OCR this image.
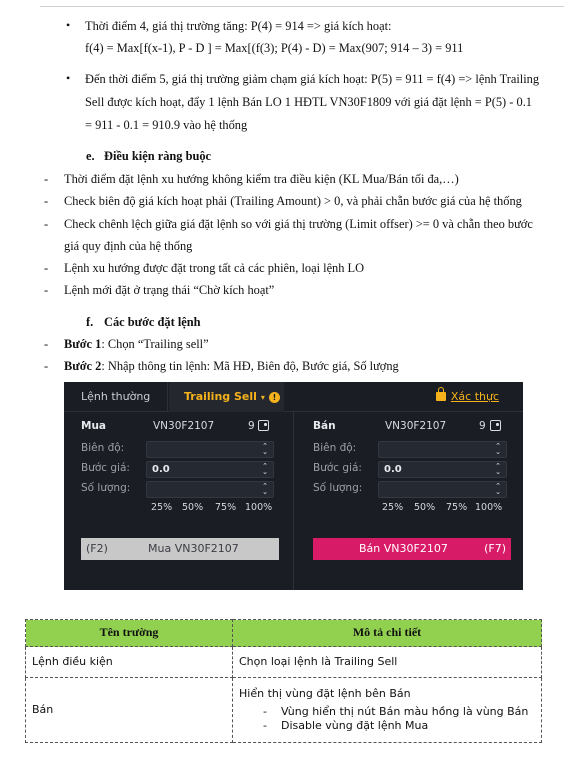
• Thời điểm 4, giá thị trường tăng: P(4) = 914 => giá kích hoạt:
f(4) = Max[f(x-1), P - D ] = Max[(f(3); P(4) - D) = Max(907; 914 – 3) = 911
• Đến thời điểm 5, giá thị trường giảm chạm giá kích hoạt: P(5) = 911 = f(4) => lệnh Trailing
Sell được kích hoạt, đẩy 1 lệnh Bán LO 1 HĐTL VN30F1809 với giá đặt lệnh = P(5) - 0.1
= 911 - 0.1 = 910.9 vào hệ thống
e. Điều kiện ràng buộc
- Thời điểm đặt lệnh xu hướng không kiểm tra điều kiện (KL Mua/Bán tối đa,…)
- Check biên độ giá kích hoạt phải (Trailing Amount) > 0, và phải chẵn bước giá của hệ thống
- Check chênh lệch giữa giá đặt lệnh so với giá thị trường (Limit offser) >= 0 và chẵn theo bước
giá quy định của hệ thống
- Lệnh xu hướng được đặt trong tất cả các phiên, loại lệnh LO
- Lệnh mới đặt ở trạng thái “Chờ kích hoạt”
f. Các bước đặt lệnh
- Bước 1: Chọn “Trailing sell”
- Bước 2: Nhập thông tin lệnh: Mã HĐ, Biên độ, Bước giá, Số lượng
Lệnh thường	Trailing Sell ▾ !	Xác thực
Mua	VN30F2107	9
Biên độ:	⌃
⌄
Bước giá:	0.0	⌃
⌄
Số lượng:	⌃
⌄
25% 50% 75% 100%
(F2)	Mua VN30F2107
Bán	VN30F2107	9
Biên độ:	⌃
⌄
Bước giá:	0.0	⌃
⌄
Số lượng:	⌃
⌄
25% 50% 75% 100%
Bán VN30F2107	(F7)
Tên trường	Mô tả chi tiết
Lệnh điều kiện	Chọn loại lệnh là Trailing Sell
Bán	Hiển thị vùng đặt lệnh bên Bán
- Vùng hiển thị nút Bán màu hồng là vùng Bán
- Disable vùng đặt lệnh Mua
